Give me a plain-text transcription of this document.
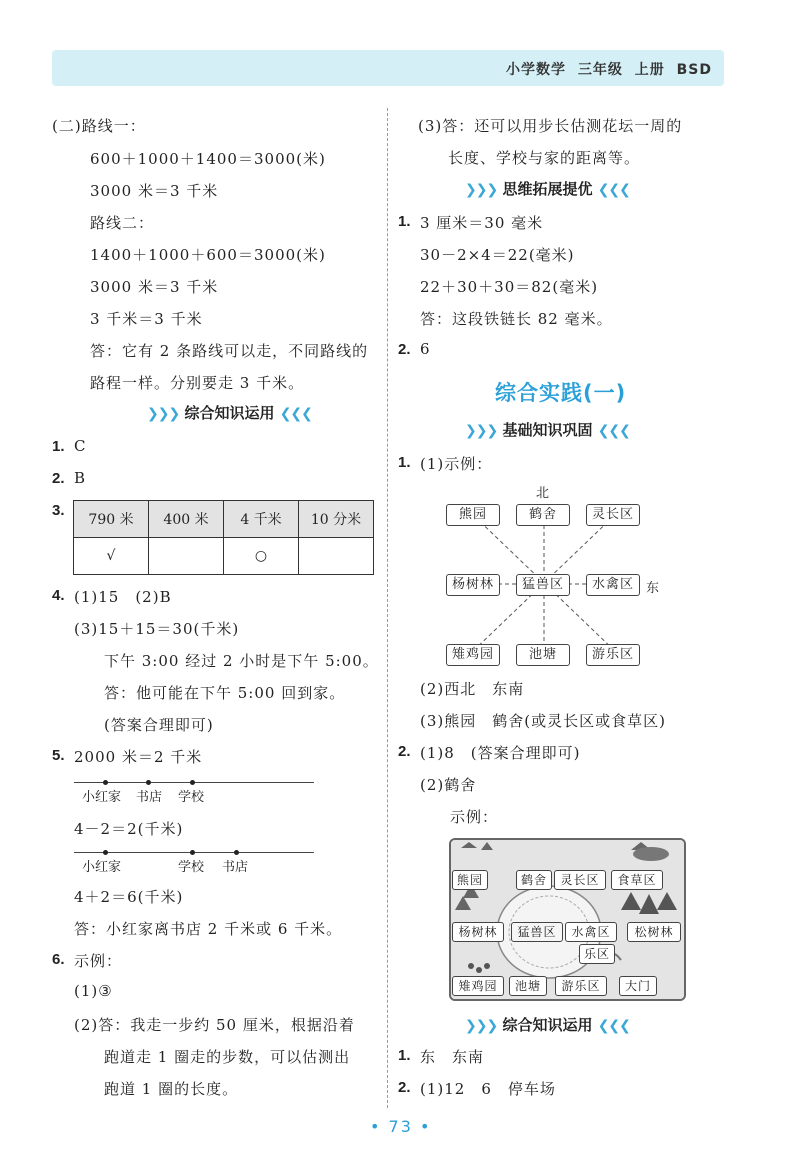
小学数学 三年级 上册 BSD
(二)路线一：
600＋1000＋1400＝3000(米)
3000 米＝3 千米
路线二：
1400＋1000＋600＝3000(米)
3000 米＝3 千米
3 千米＝3 千米
答：它有 2 条路线可以走，不同路线的
路程一样。分别要走 3 千米。
❯❯❯ 综合知识运用 ❮❮❮
1. C
2. B
3.
790 米	400 米	4 千米	10 分米
√		○	
4. (1)15　(2)B
(3)15＋15＝30(千米)
下午 3:00 经过 2 小时是下午 5:00。
答：他可能在下午 5:00 回到家。
(答案合理即可)
5. 2000 米＝2 千米
小红家 书店 学校
4－2＝2(千米)
小红家	学校 书店
4＋2＝6(千米)
答：小红家离书店 2 千米或 6 千米。
6. 示例：
(1)③
(2)答：我走一步约 50 厘米，根据沿着
跑道走 1 圈走的步数，可以估测出
跑道 1 圈的长度。
(3)答：还可以用步长估测花坛一周的
长度、学校与家的距离等。
❯❯❯ 思维拓展提优 ❮❮❮
1. 3 厘米＝30 毫米
30－2×4＝22(毫米)
22＋30＋30＝82(毫米)
答：这段铁链长 82 毫米。
2. 6
综合实践(一)
❯❯❯ 基础知识巩固 ❮❮❮
1. (1)示例：
北
东
熊园	鹤舍	灵长区
杨树林	猛兽区	水禽区
雉鸡园	池塘	游乐区
(2)西北　东南
(3)熊园　鹤舍(或灵长区或食草区)
2. (1)8　(答案合理即可)
(2)鹤舍
示例：
熊园	鹤舍	灵长区	食草区
杨树林	猛兽区	水禽区	松树林
乐区
雉鸡园	池塘	游乐区	大门
❯❯❯ 综合知识运用 ❮❮❮
1. 东　东南
2. (1)12　6　停车场
• 73 •
